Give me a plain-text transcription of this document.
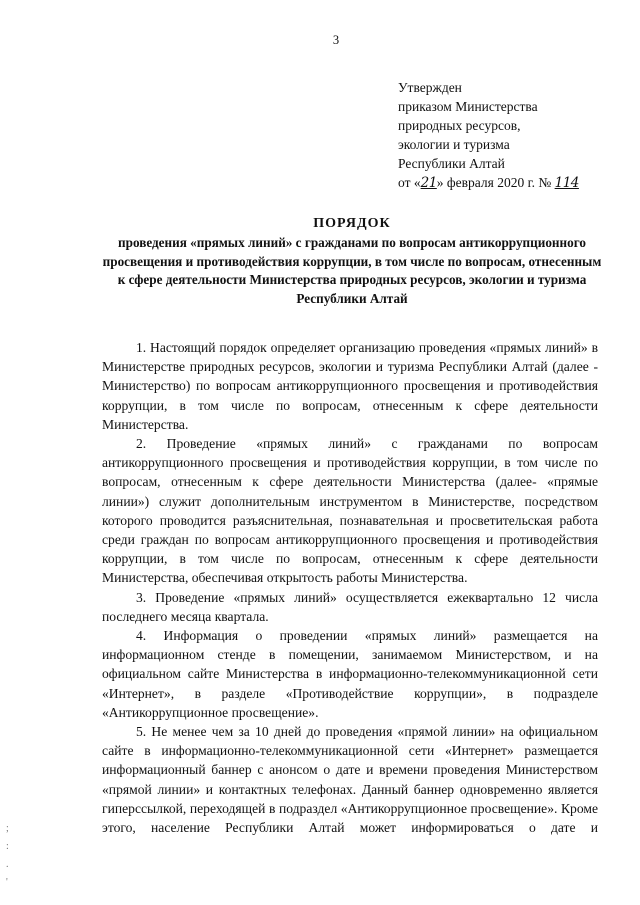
3
Утвержден
приказом Министерства
природных ресурсов,
экологии и туризма
Республики Алтай
от «21» февраля 2020 г. № 114
ПОРЯДОК
проведения «прямых линий» с гражданами по вопросам антикоррупционного просвещения и противодействия коррупции, в том числе по вопросам, отнесенным к сфере деятельности Министерства природных ресурсов, экологии и туризма Республики Алтай

1. Настоящий порядок определяет организацию проведения «прямых линий» в Министерстве природных ресурсов, экологии и туризма Республики Алтай (далее - Министерство) по вопросам антикоррупционного просвещения и противодействия коррупции, в том числе по вопросам, отнесенным к сфере деятельности Министерства.

2. Проведение «прямых линий» с гражданами по вопросам антикоррупционного просвещения и противодействия коррупции, в том числе по вопросам, отнесенным к сфере деятельности Министерства (далее- «прямые линии») служит дополнительным инструментом в Министерстве, посредством которого проводится разъяснительная, познавательная и просветительская работа среди граждан по вопросам антикоррупционного просвещения и противодействия коррупции, в том числе по вопросам, отнесенным к сфере деятельности Министерства, обеспечивая открытость работы Министерства.

3. Проведение «прямых линий» осуществляется ежеквартально 12 числа последнего месяца квартала.

4. Информация о проведении «прямых линий» размещается на информационном стенде в помещении, занимаемом Министерством, и на официальном сайте Министерства в информационно-телекоммуникационной сети «Интернет», в разделе «Противодействие коррупции», в подразделе «Антикоррупционное просвещение».

5. Не менее чем за 10 дней до проведения «прямой линии» на официальном сайте в информационно-телекоммуникационной сети «Интернет» размещается информационный баннер с анонсом о дате и времени проведения Министерством «прямой линии» и контактных телефонах. Данный баннер одновременно является гиперссылкой, переходящей в подраздел «Антикоррупционное просвещение». Кроме этого, население Республики Алтай может информироваться о дате и

;
:
.
'
